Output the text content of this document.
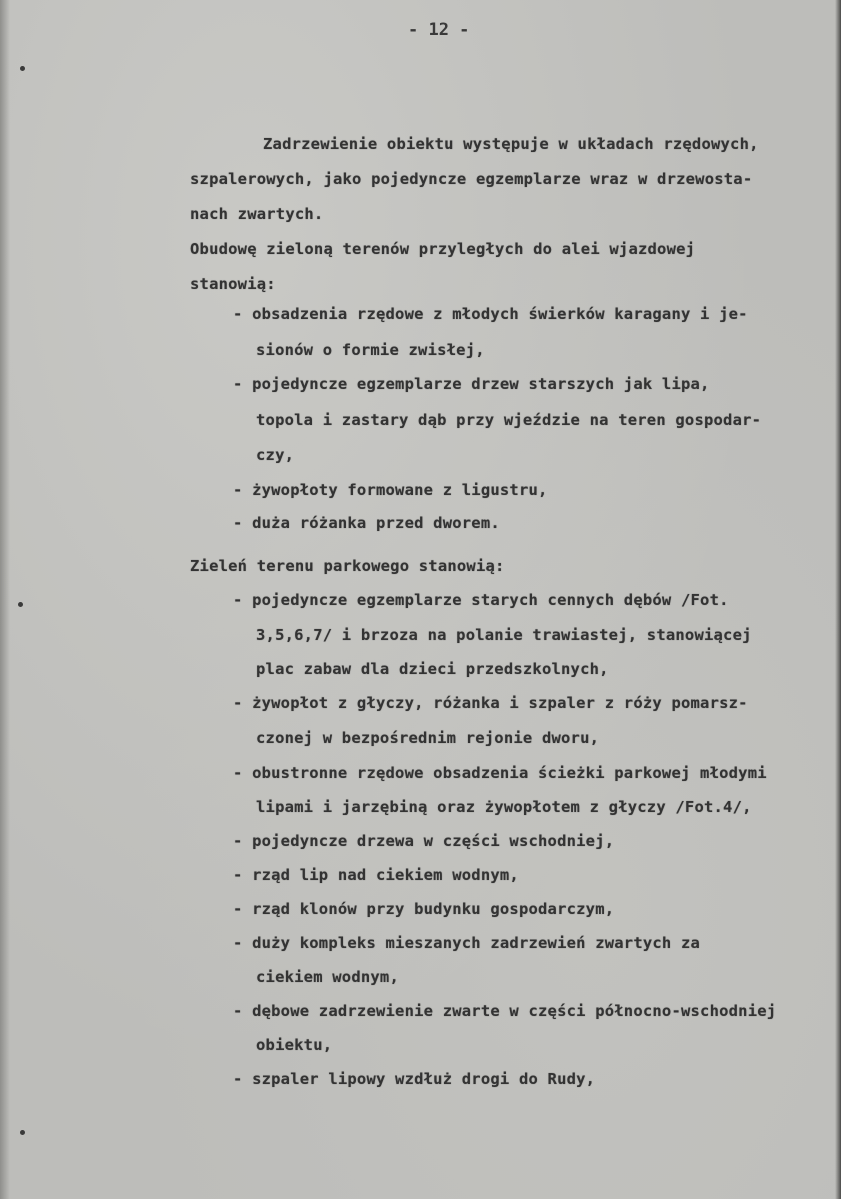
- 12 -
Zadrzewienie obiektu występuje w układach rzędowych,
szpalerowych, jako pojedyncze egzemplarze wraz w drzewosta-
nach zwartych.
Obudowę zieloną terenów przyległych do alei wjazdowej
stanowią:
- obsadzenia rzędowe z młodych świerków karagany i je-
sionów o formie zwisłej,
- pojedyncze egzemplarze drzew starszych jak lipa,
topola i zastary dąb przy wjeździe na teren gospodar-
czy,
- żywopłoty formowane z ligustru,
- duża różanka przed dworem.
Zieleń terenu parkowego stanowią:
- pojedyncze egzemplarze starych cennych dębów /Fot.
3,5,6,7/ i brzoza na polanie trawiastej, stanowiącej
plac zabaw dla dzieci przedszkolnych,
- żywopłot z głyczy, różanka i szpaler z róży pomarsz-
czonej w bezpośrednim rejonie dworu,
- obustronne rzędowe obsadzenia ścieżki parkowej młodymi
lipami i jarzębiną oraz żywopłotem z głyczy /Fot.4/,
- pojedyncze drzewa w części wschodniej,
- rząd lip nad ciekiem wodnym,
- rząd klonów przy budynku gospodarczym,
- duży kompleks mieszanych zadrzewień zwartych za
ciekiem wodnym,
- dębowe zadrzewienie zwarte w części północno-wschodniej
obiektu,
- szpaler lipowy wzdłuż drogi do Rudy,
